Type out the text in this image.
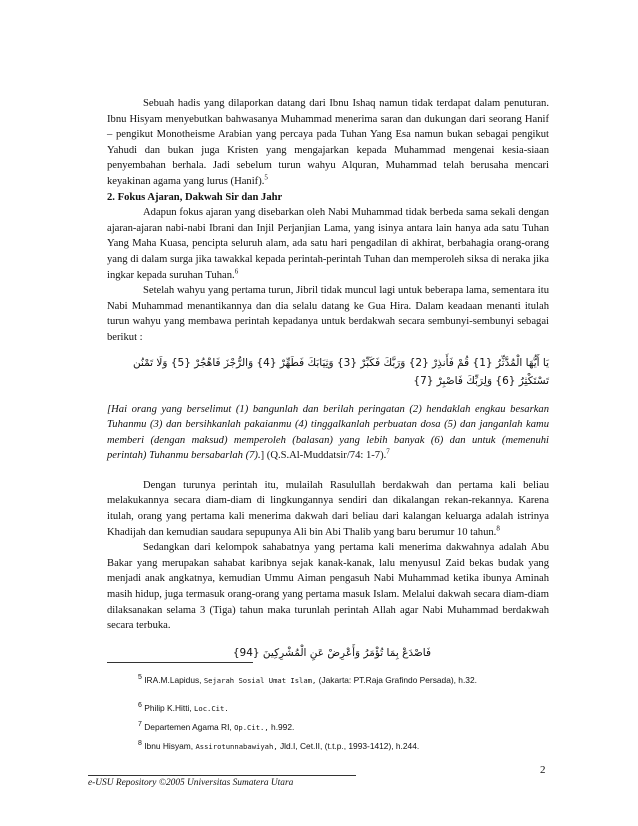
Sebuah hadis yang dilaporkan datang dari Ibnu Ishaq namun tidak terdapat dalam penuturan. Ibnu Hisyam menyebutkan bahwasanya Muhammad menerima saran dan dukungan dari seorang Hanif – pengikut Monotheisme Arabian yang percaya pada Tuhan Yang Esa namun bukan sebagai pengikut Yahudi dan bukan juga Kristen yang mengajarkan kepada Muhammad mengenai kesia-siaan penyembahan berhala. Jadi sebelum turun wahyu Alquran, Muhammad telah berusaha mencari keyakinan agama yang lurus (Hanif).$^5$

2. Fokus Ajaran, Dakwah Sir dan Jahr

Adapun fokus ajaran yang disebarkan oleh Nabi Muhammad tidak berbeda sama sekali dengan ajaran-ajaran nabi-nabi Ibrani dan Injil Perjanjian Lama, yang isinya antara lain hanya ada satu Tuhan Yang Maha Kuasa, pencipta seluruh alam, ada satu hari pengadilan di akhirat, berbahagia orang-orang yang di dalam surga jika tawakkal kepada perintah-perintah Tuhan dan memperoleh siksa di neraka jika ingkar kepada suruhan Tuhan.$^6$

Setelah wahyu yang pertama turun, Jibril tidak muncul lagi untuk beberapa lama, sementara itu Nabi Muhammad menantikannya dan dia selalu datang ke Gua Hira. Dalam keadaan menanti itulah turun wahyu yang membawa perintah kepadanya untuk berdakwah secara sembunyi-sembunyi sebagai berikut :

يَا أَيُّهَا الْمُدَّثِّرُ {1} قُمْ فَأَنذِرْ {2} وَرَبَّكَ فَكَبِّرْ {3} وَثِيَابَكَ فَطَهِّرْ {4} وَالرُّجْزَ فَاهْجُرْ {5} وَلَا تَمْنُن تَسْتَكْثِرُ {6} وَلِرَبِّكَ فَاصْبِرْ {7}

[Hai orang yang berselimut (1) bangunlah dan berilah peringatan (2) hendaklah engkau besarkan Tuhanmu (3) dan bersihkanlah pakaianmu (4) tinggalkanlah perbuatan dosa (5) dan janganlah kamu memberi (dengan maksud) memperoleh (balasan) yang lebih banyak (6) dan untuk (memenuhi perintah) Tuhanmu bersabarlah (7).] (Q.S.Al-Muddatsir/74: 1-7).$^7$

Dengan turunya perintah itu, mulailah Rasulullah berdakwah dan pertama kali beliau melakukannya secara diam-diam di lingkungannya sendiri dan dikalangan rekan-rekannya. Karena itulah, orang yang pertama kali menerima dakwah dari beliau dari kalangan keluarga adalah istrinya Khadijah dan kemudian saudara sepupunya Ali bin Abi Thalib yang baru berumur 10 tahun.$^8$

Sedangkan dari kelompok sahabatnya yang pertama kali menerima dakwahnya adalah Abu Bakar yang merupakan sahabat karibnya sejak kanak-kanak, lalu menyusul Zaid bekas budak yang menjadi anak angkatnya, kemudian Ummu Aiman pengasuh Nabi Muhammad ketika ibunya Aminah masih hidup, juga termasuk orang-orang yang pertama masuk Islam. Melalui dakwah secara diam-diam dilaksanakan selama 3 (Tiga) tahun maka turunlah perintah Allah agar Nabi Muhammad berdakwah secara terbuka.

فَاصْدَعْ بِمَا تُؤْمَرُ وَأَعْرِضْ عَنِ الْمُشْرِكِينَ {94}

$^5$ IRA.M.Lapidus, Sejarah Sosial Umat Islam, (Jakarta: PT.Raja Grafindo Persada), h.32.

$^6$ Philip K.Hitti, Loc.Cit.

$^7$ Departemen Agama RI, Op.Cit., h.992.

$^8$ Ibnu Hisyam, Assirotunnabawiyah, Jld.I, Cet.II, (t.t.p., 1993-1412), h.244.

2
e-USU Repository ©2005 Universitas Sumatera Utara
